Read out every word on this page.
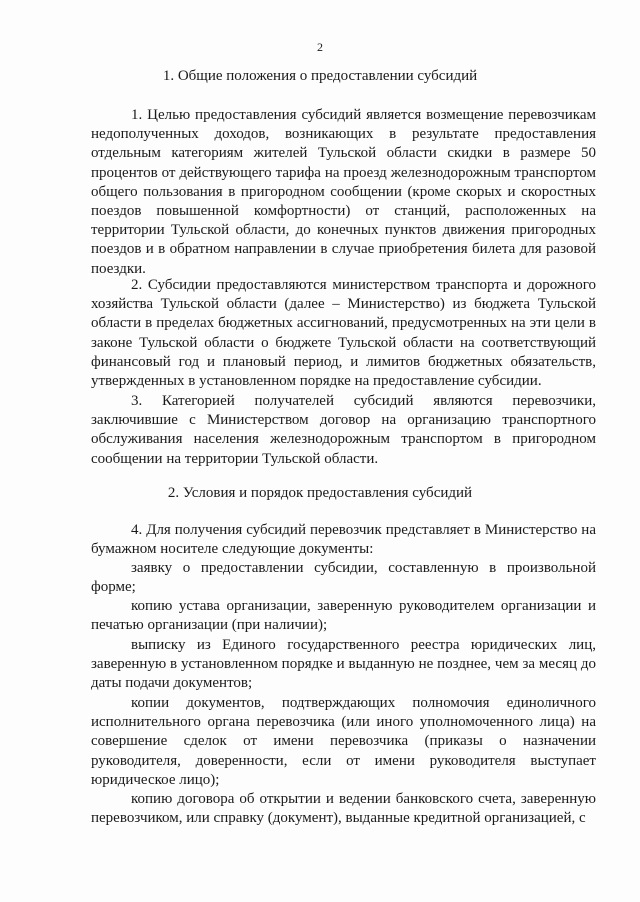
2
1. Общие положения о предоставлении субсидий

1. Целью предоставления субсидий является возмещение перевозчикам недополученных доходов, возникающих в результате предоставления отдельным категориям жителей Тульской области скидки в размере 50 процентов от действующего тарифа на проезд железнодорожным транспортом общего пользования в пригородном сообщении (кроме скорых и скоростных поездов повышенной комфортности) от станций, расположенных на территории Тульской области, до конечных пунктов движения пригородных поездов и в обратном направлении в случае приобретения билета для разовой поездки.

2. Субсидии предоставляются министерством транспорта и дорожного хозяйства Тульской области (далее – Министерство) из бюджета Тульской области в пределах бюджетных ассигнований, предусмотренных на эти цели в законе Тульской области о бюджете Тульской области на соответствующий финансовый год и плановый период, и лимитов бюджетных обязательств, утвержденных в установленном порядке на предоставление субсидии.

3. Категорией получателей субсидий являются перевозчики, заключившие с Министерством договор на организацию транспортного обслуживания населения железнодорожным транспортом в пригородном сообщении на территории Тульской области.

2. Условия и порядок предоставления субсидий

4. Для получения субсидий перевозчик представляет в Министерство на бумажном носителе следующие документы:

заявку о предоставлении субсидии, составленную в произвольной форме;

копию устава организации, заверенную руководителем организации и печатью организации (при наличии);

выписку из Единого государственного реестра юридических лиц, заверенную в установленном порядке и выданную не позднее, чем за месяц до даты подачи документов;

копии документов, подтверждающих полномочия единоличного исполнительного органа перевозчика (или иного уполномоченного лица) на совершение сделок от имени перевозчика (приказы о назначении руководителя, доверенности, если от имени руководителя выступает юридическое лицо);

копию договора об открытии и ведении банковского счета, заверенную перевозчиком, или справку (документ), выданные кредитной организацией, с
